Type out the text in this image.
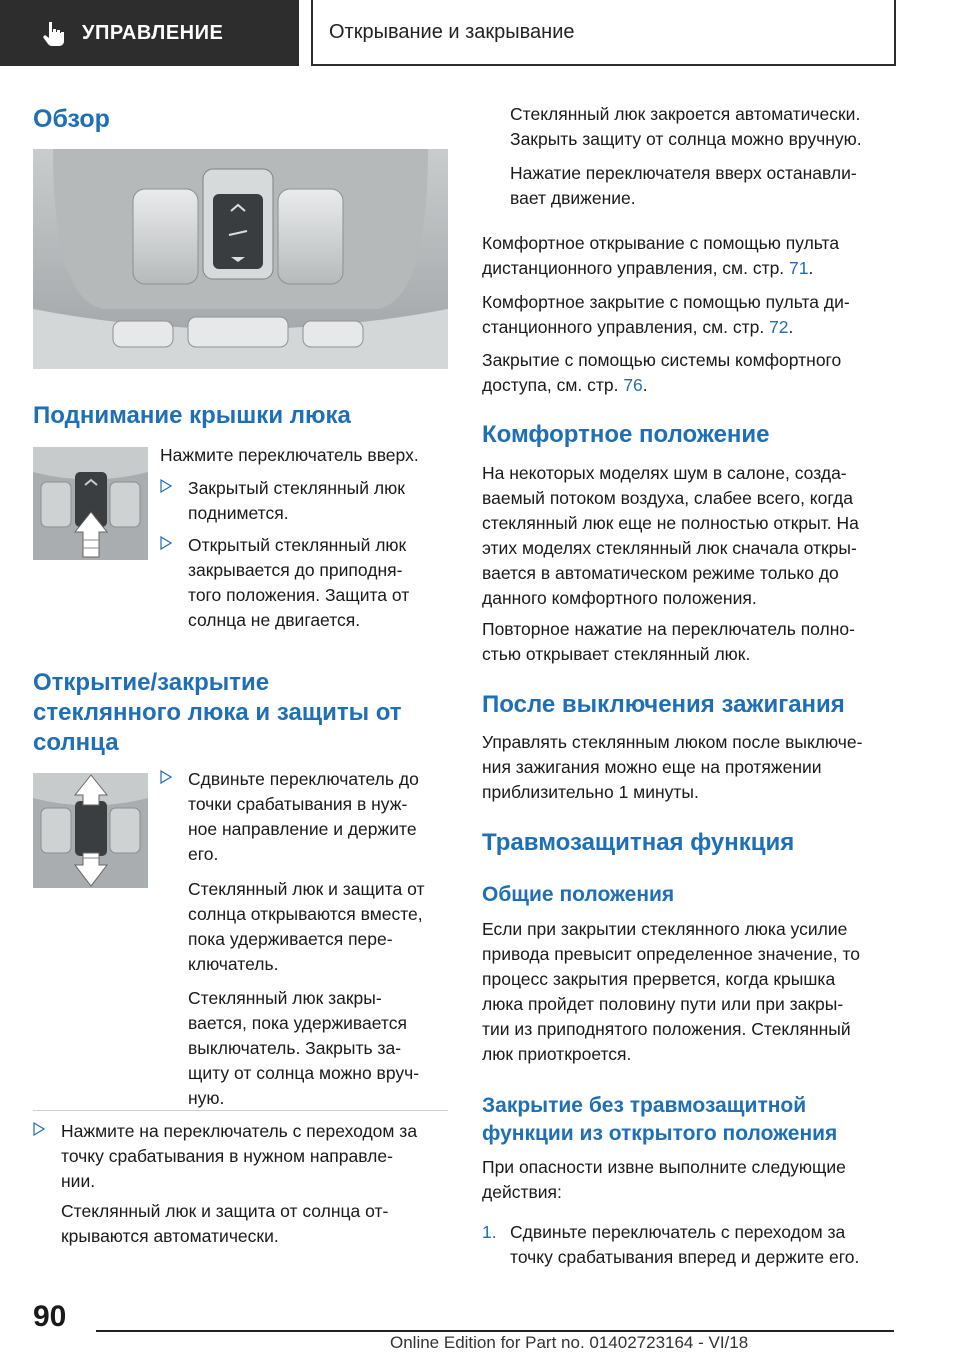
УПРАВЛЕНИЕ	Открывание и закрывание
Обзор
Поднимание крышки люка

Нажмите переключатель вверх.

Закрытый стеклянный люк
поднимется.

Открытый стеклянный люк
закрывается до приподня-
того положения. Защита от
солнца не двигается.

Открытие/закрытие
стеклянного люка и защиты от
солнца

Сдвиньте переключатель до
точки срабатывания в нуж-
ное направление и держите
его.

Стеклянный люк и защита от
солнца открываются вместе,
пока удерживается пере-
ключатель.

Стеклянный люк закры-
вается, пока удерживается
выключатель. Закрыть за-
щиту от солнца можно вруч-
ную.

Нажмите на переключатель с переходом за
точку срабатывания в нужном направле-
нии.

Стеклянный люк и защита от солнца от-
крываются автоматически.

Стеклянный люк закроется автоматически.
Закрыть защиту от солнца можно вручную.

Нажатие переключателя вверх останавли-
вает движение.

Комфортное открывание с помощью пульта
дистанционного управления, см. стр. 71.

Комфортное закрытие с помощью пульта ди-
станционного управления, см. стр. 72.

Закрытие с помощью системы комфортного
доступа, см. стр. 76.

Комфортное положение

На некоторых моделях шум в салоне, созда-
ваемый потоком воздуха, слабее всего, когда
стеклянный люк еще не полностью открыт. На
этих моделях стеклянный люк сначала откры-
вается в автоматическом режиме только до
данного комфортного положения.

Повторное нажатие на переключатель полно-
стью открывает стеклянный люк.

После выключения зажигания

Управлять стеклянным люком после выключе-
ния зажигания можно еще на протяжении
приблизительно 1 минуты.

Травмозащитная функция
Общие положения

Если при закрытии стеклянного люка усилие
привода превысит определенное значение, то
процесс закрытия прервется, когда крышка
люка пройдет половину пути или при закры-
тии из приподнятого положения. Стеклянный
люк приоткроется.

Закрытие без травмозащитной
функции из открытого положения

При опасности извне выполните следующие
действия:

1. Сдвиньте переключатель с переходом за
точку срабатывания вперед и держите его.

90
Online Edition for Part no. 01402723164 - VI/18
